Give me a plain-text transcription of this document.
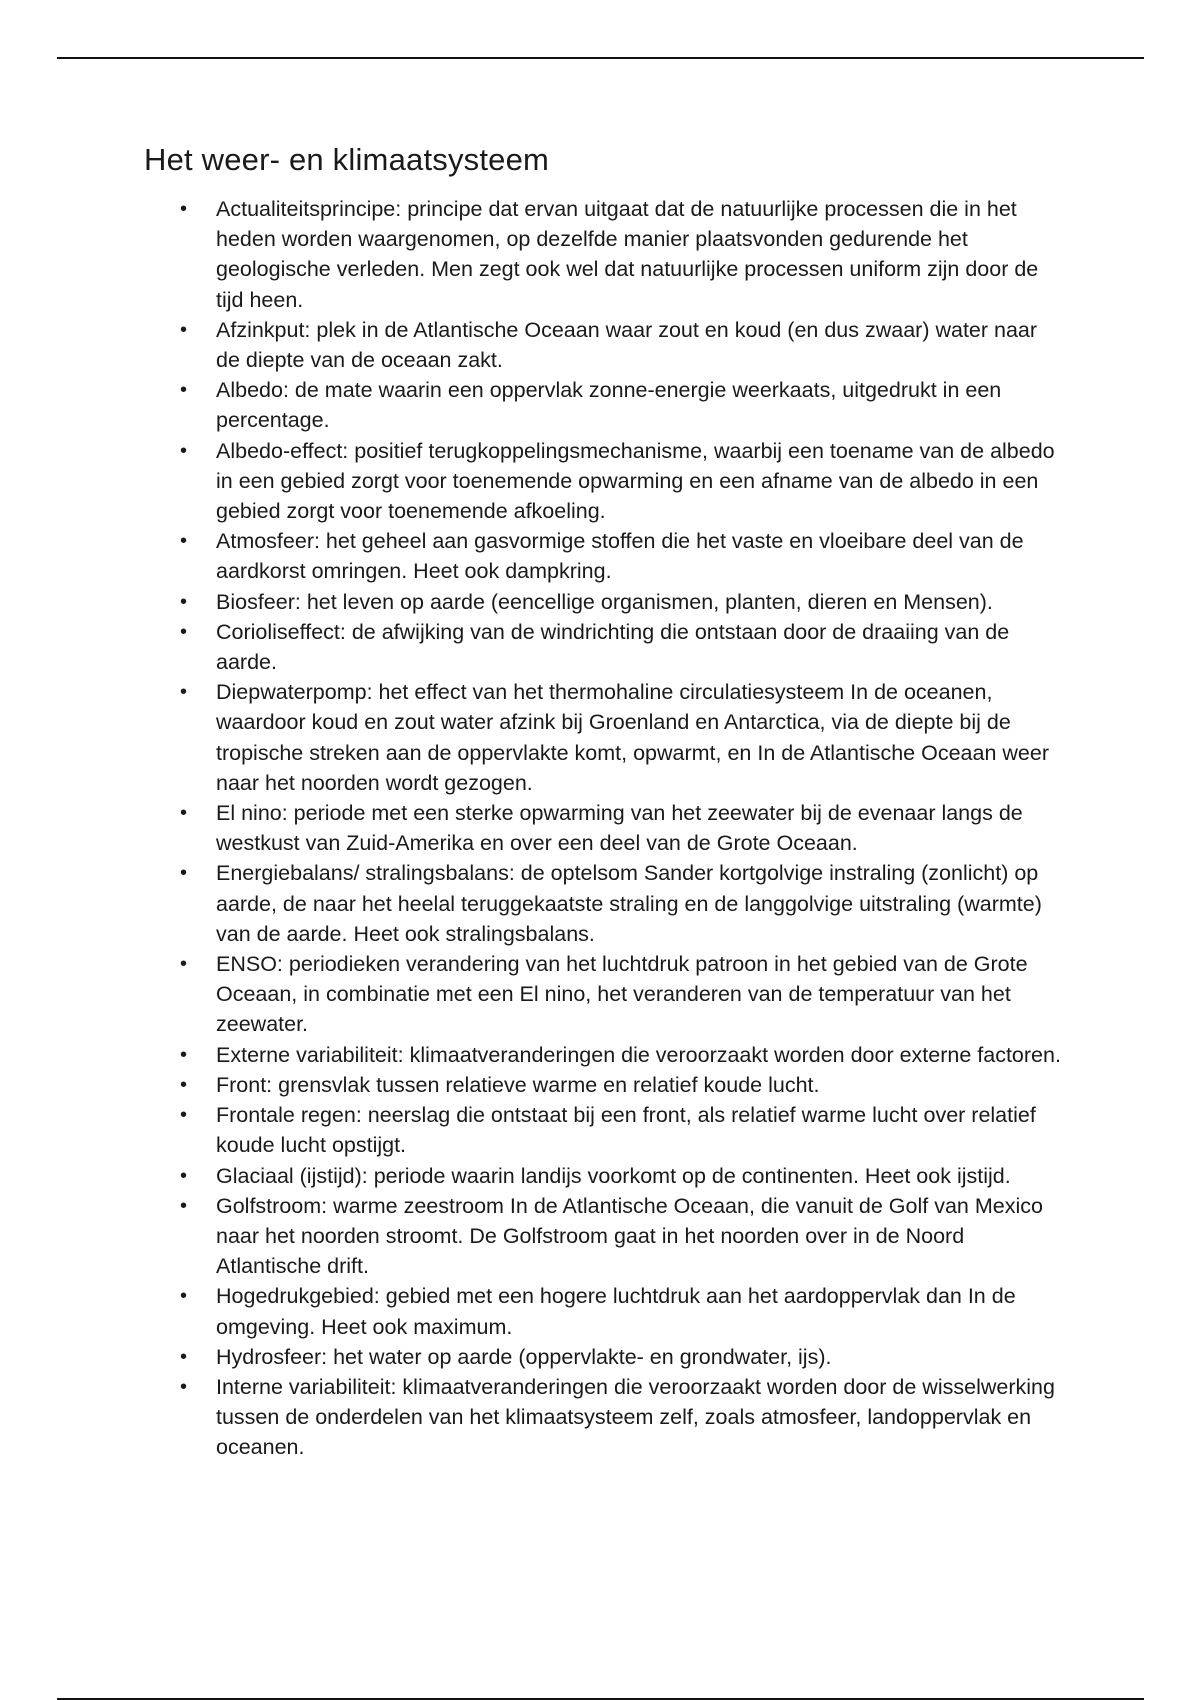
Het weer- en klimaatsysteem
• Actualiteitsprincipe: principe dat ervan uitgaat dat de natuurlijke processen die in het heden worden waargenomen, op dezelfde manier plaatsvonden gedurende het geologische verleden. Men zegt ook wel dat natuurlijke processen uniform zijn door de tijd heen.
• Afzinkput: plek in de Atlantische Oceaan waar zout en koud (en dus zwaar) water naar de diepte van de oceaan zakt.
• Albedo: de mate waarin een oppervlak zonne-energie weerkaats, uitgedrukt in een percentage.
• Albedo-effect: positief terugkoppelingsmechanisme, waarbij een toename van de albedo in een gebied zorgt voor toenemende opwarming en een afname van de albedo in een gebied zorgt voor toenemende afkoeling.
• Atmosfeer: het geheel aan gasvormige stoffen die het vaste en vloeibare deel van de aardkorst omringen. Heet ook dampkring.
• Biosfeer: het leven op aarde (eencellige organismen, planten, dieren en Mensen).
• Corioliseffect: de afwijking van de windrichting die ontstaan door de draaiing van de aarde.
• Diepwaterpomp: het effect van het thermohaline circulatiesysteem In de oceanen, waardoor koud en zout water afzink bij Groenland en Antarctica, via de diepte bij de tropische streken aan de oppervlakte komt, opwarmt, en In de Atlantische Oceaan weer naar het noorden wordt gezogen.
• El nino: periode met een sterke opwarming van het zeewater bij de evenaar langs de westkust van Zuid-Amerika en over een deel van de Grote Oceaan.
• Energiebalans/ stralingsbalans: de optelsom Sander kortgolvige instraling (zonlicht) op aarde, de naar het heelal teruggekaatste straling en de langgolvige uitstraling (warmte) van de aarde. Heet ook stralingsbalans.
• ENSO: periodieken verandering van het luchtdruk patroon in het gebied van de Grote Oceaan, in combinatie met een El nino, het veranderen van de temperatuur van het zeewater.
• Externe variabiliteit: klimaatveranderingen die veroorzaakt worden door externe factoren.
• Front: grensvlak tussen relatieve warme en relatief koude lucht.
• Frontale regen: neerslag die ontstaat bij een front, als relatief warme lucht over relatief koude lucht opstijgt.
• Glaciaal (ijstijd): periode waarin landijs voorkomt op de continenten. Heet ook ijstijd.
• Golfstroom: warme zeestroom In de Atlantische Oceaan, die vanuit de Golf van Mexico naar het noorden stroomt. De Golfstroom gaat in het noorden over in de Noord Atlantische drift.
• Hogedrukgebied: gebied met een hogere luchtdruk aan het aardoppervlak dan In de omgeving. Heet ook maximum.
• Hydrosfeer: het water op aarde (oppervlakte- en grondwater, ijs).
• Interne variabiliteit: klimaatveranderingen die veroorzaakt worden door de wisselwerking tussen de onderdelen van het klimaatsysteem zelf, zoals atmosfeer, landoppervlak en oceanen.
